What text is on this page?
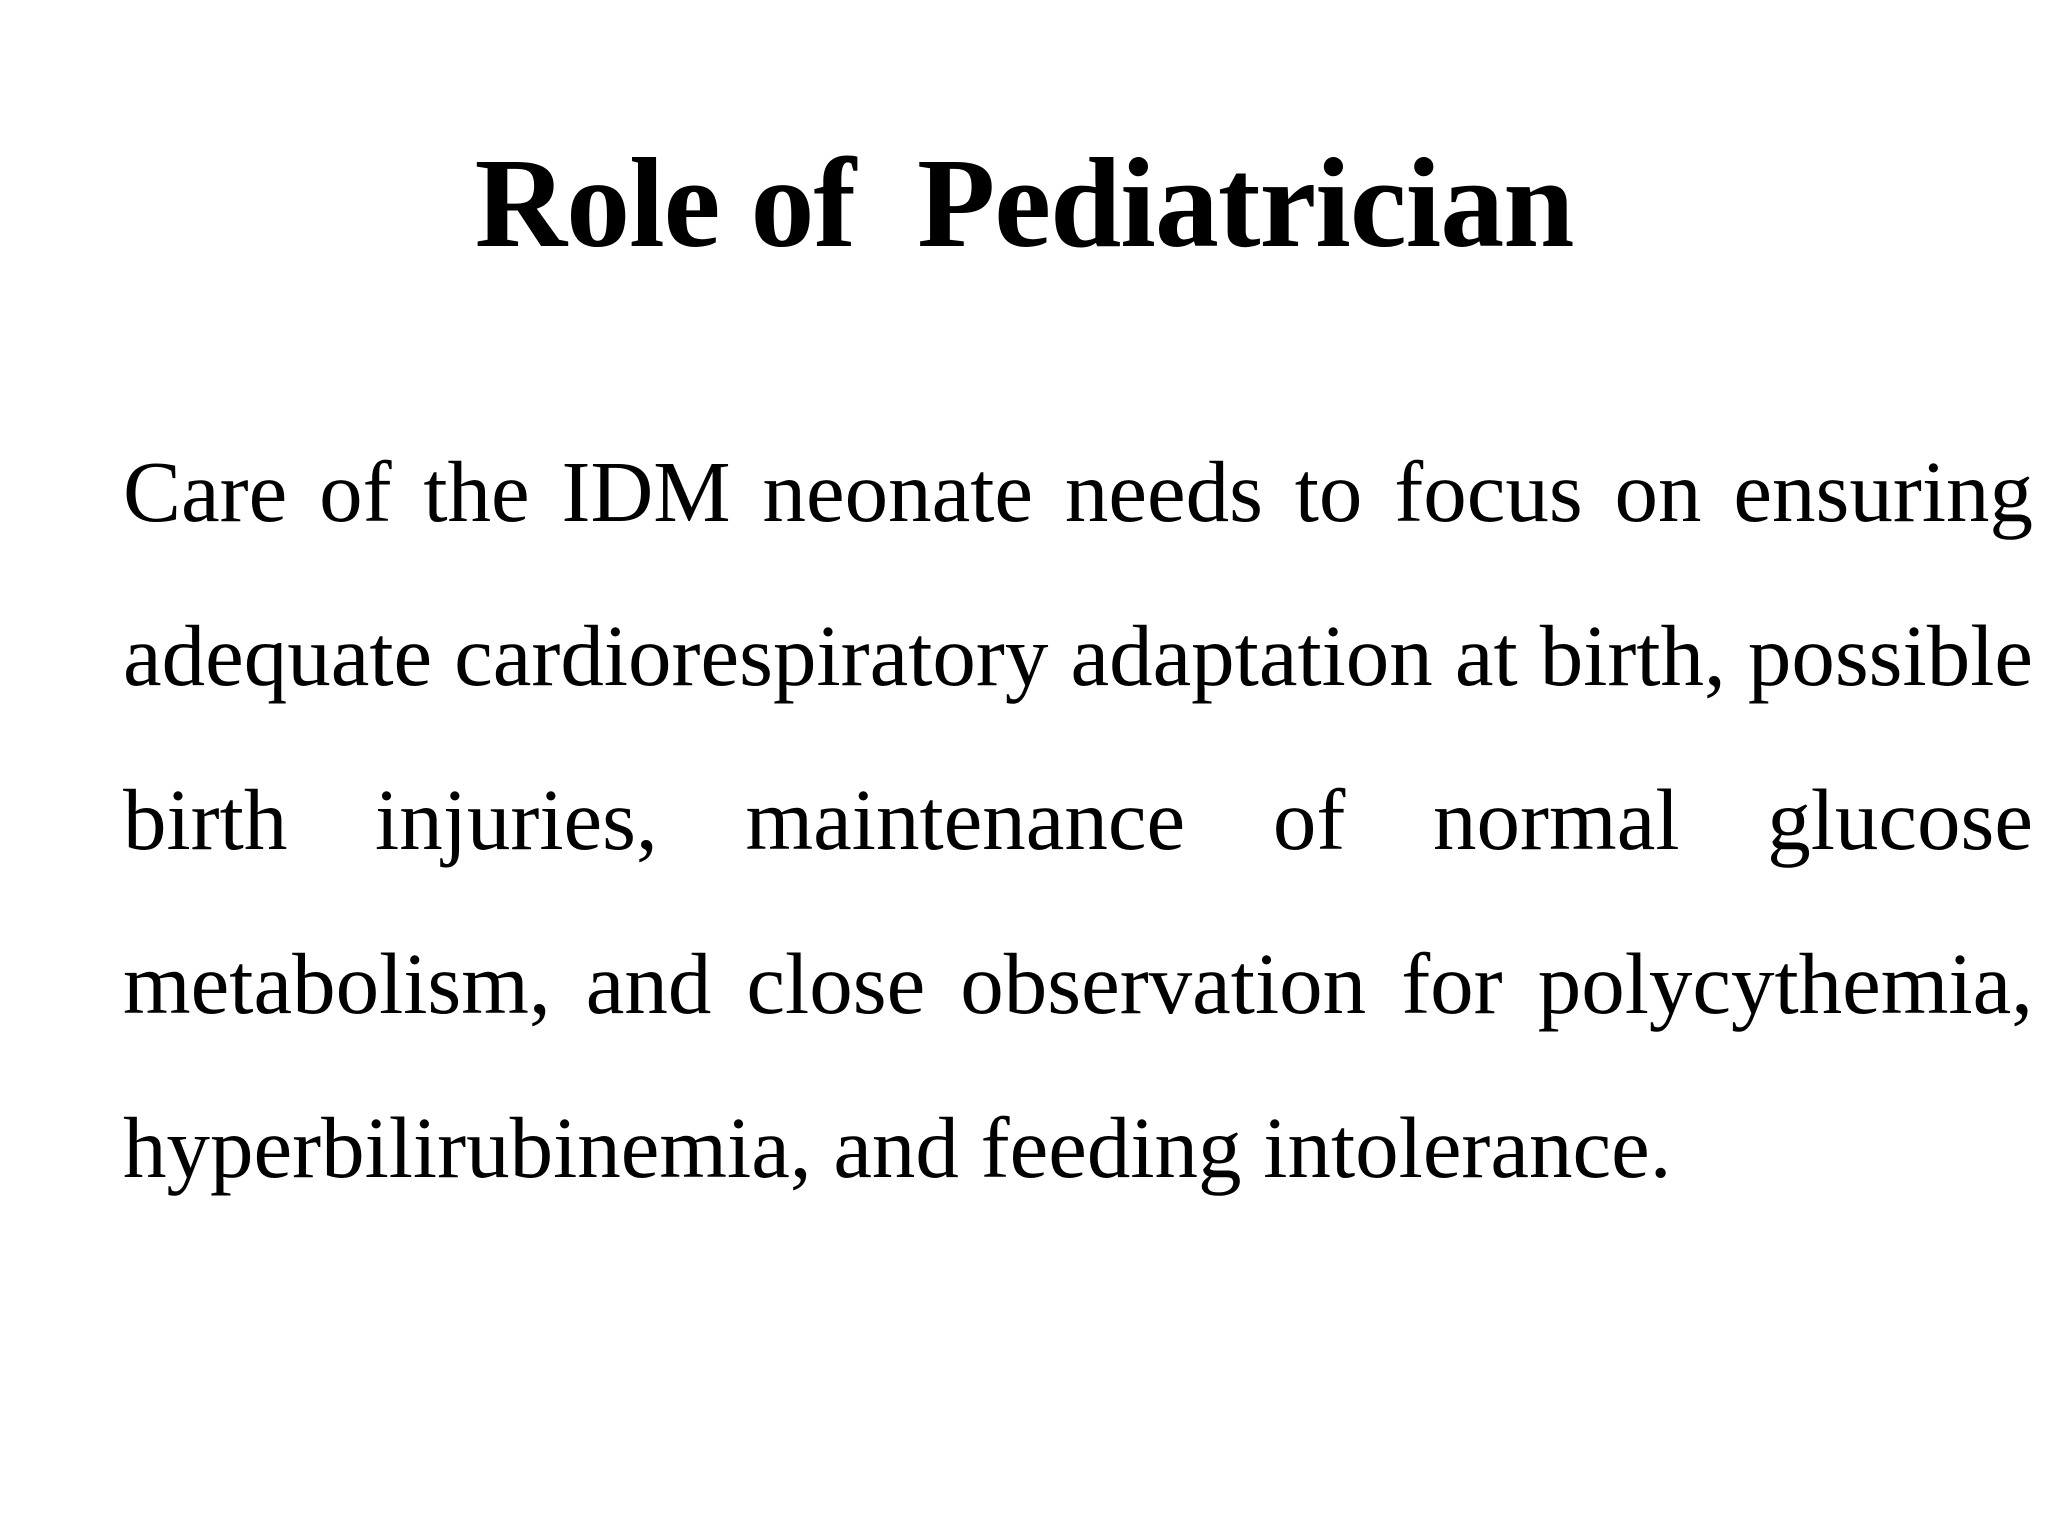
Role of  Pediatrician

Care of the IDM neonate needs to focus on ensuring adequate cardiorespiratory adaptation at birth, possible birth injuries, maintenance of normal glucose metabolism, and close observation for polycythemia, hyperbilirubinemia, and feeding intolerance.
